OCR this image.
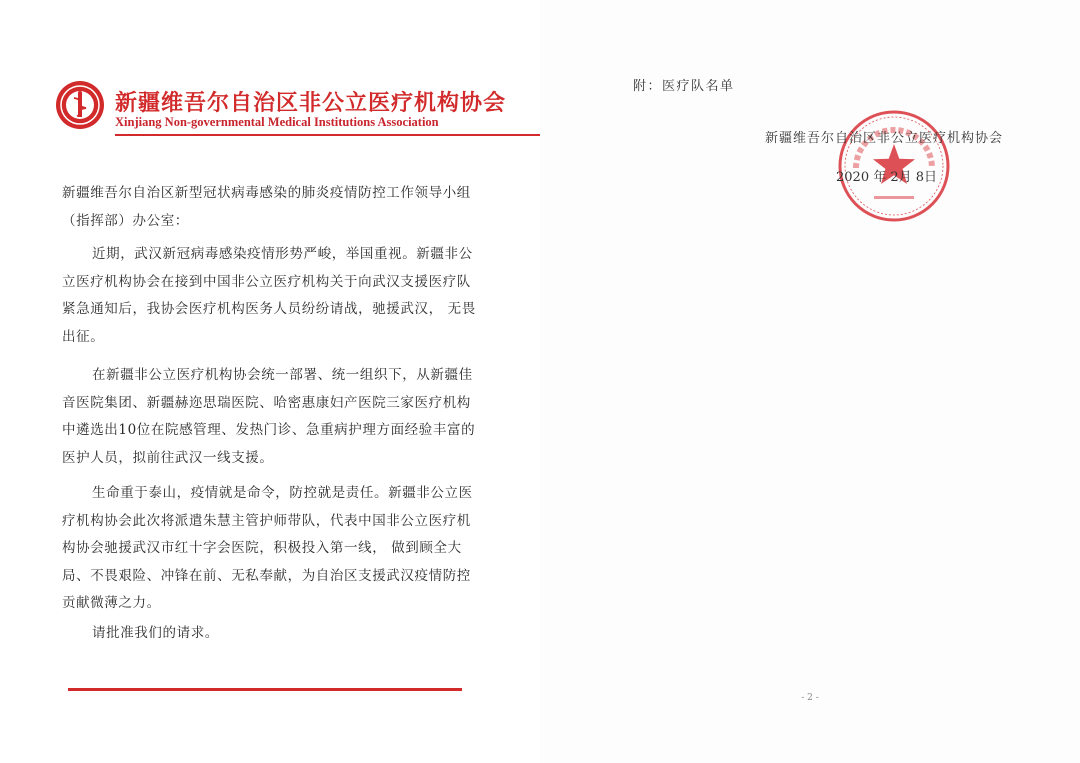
新疆维吾尔自治区非公立医疗机构协会
Xinjiang Non-governmental Medical Institutions Association

新疆维吾尔自治区新型冠状病毒感染的肺炎疫情防控工作领导小组

（指挥部）办公室：

近期，武汉新冠病毒感染疫情形势严峻，举国重视。新疆非公立医疗机构协会在接到中国非公立医疗机构关于向武汉支援医疗队紧急通知后，我协会医疗机构医务人员纷纷请战，驰援武汉， 无畏出征。

在新疆非公立医疗机构协会统一部署、统一组织下，从新疆佳音医院集团、新疆赫迩思瑞医院、哈密惠康妇产医院三家医疗机构中遴选出10位在院感管理、发热门诊、急重病护理方面经验丰富的医护人员，拟前往武汉一线支援。

生命重于泰山，疫情就是命令，防控就是责任。新疆非公立医疗机构协会此次将派遣朱慧主管护师带队，代表中国非公立医疗机构协会驰援武汉市红十字会医院，积极投入第一线， 做到顾全大局、不畏艰险、冲锋在前、无私奉献，为自治区支援武汉疫情防控贡献微薄之力。

请批准我们的请求。

附：医疗队名单
新疆维吾尔自治区非公立医疗机构协会
2020 年 2月 8日
- 2 -
